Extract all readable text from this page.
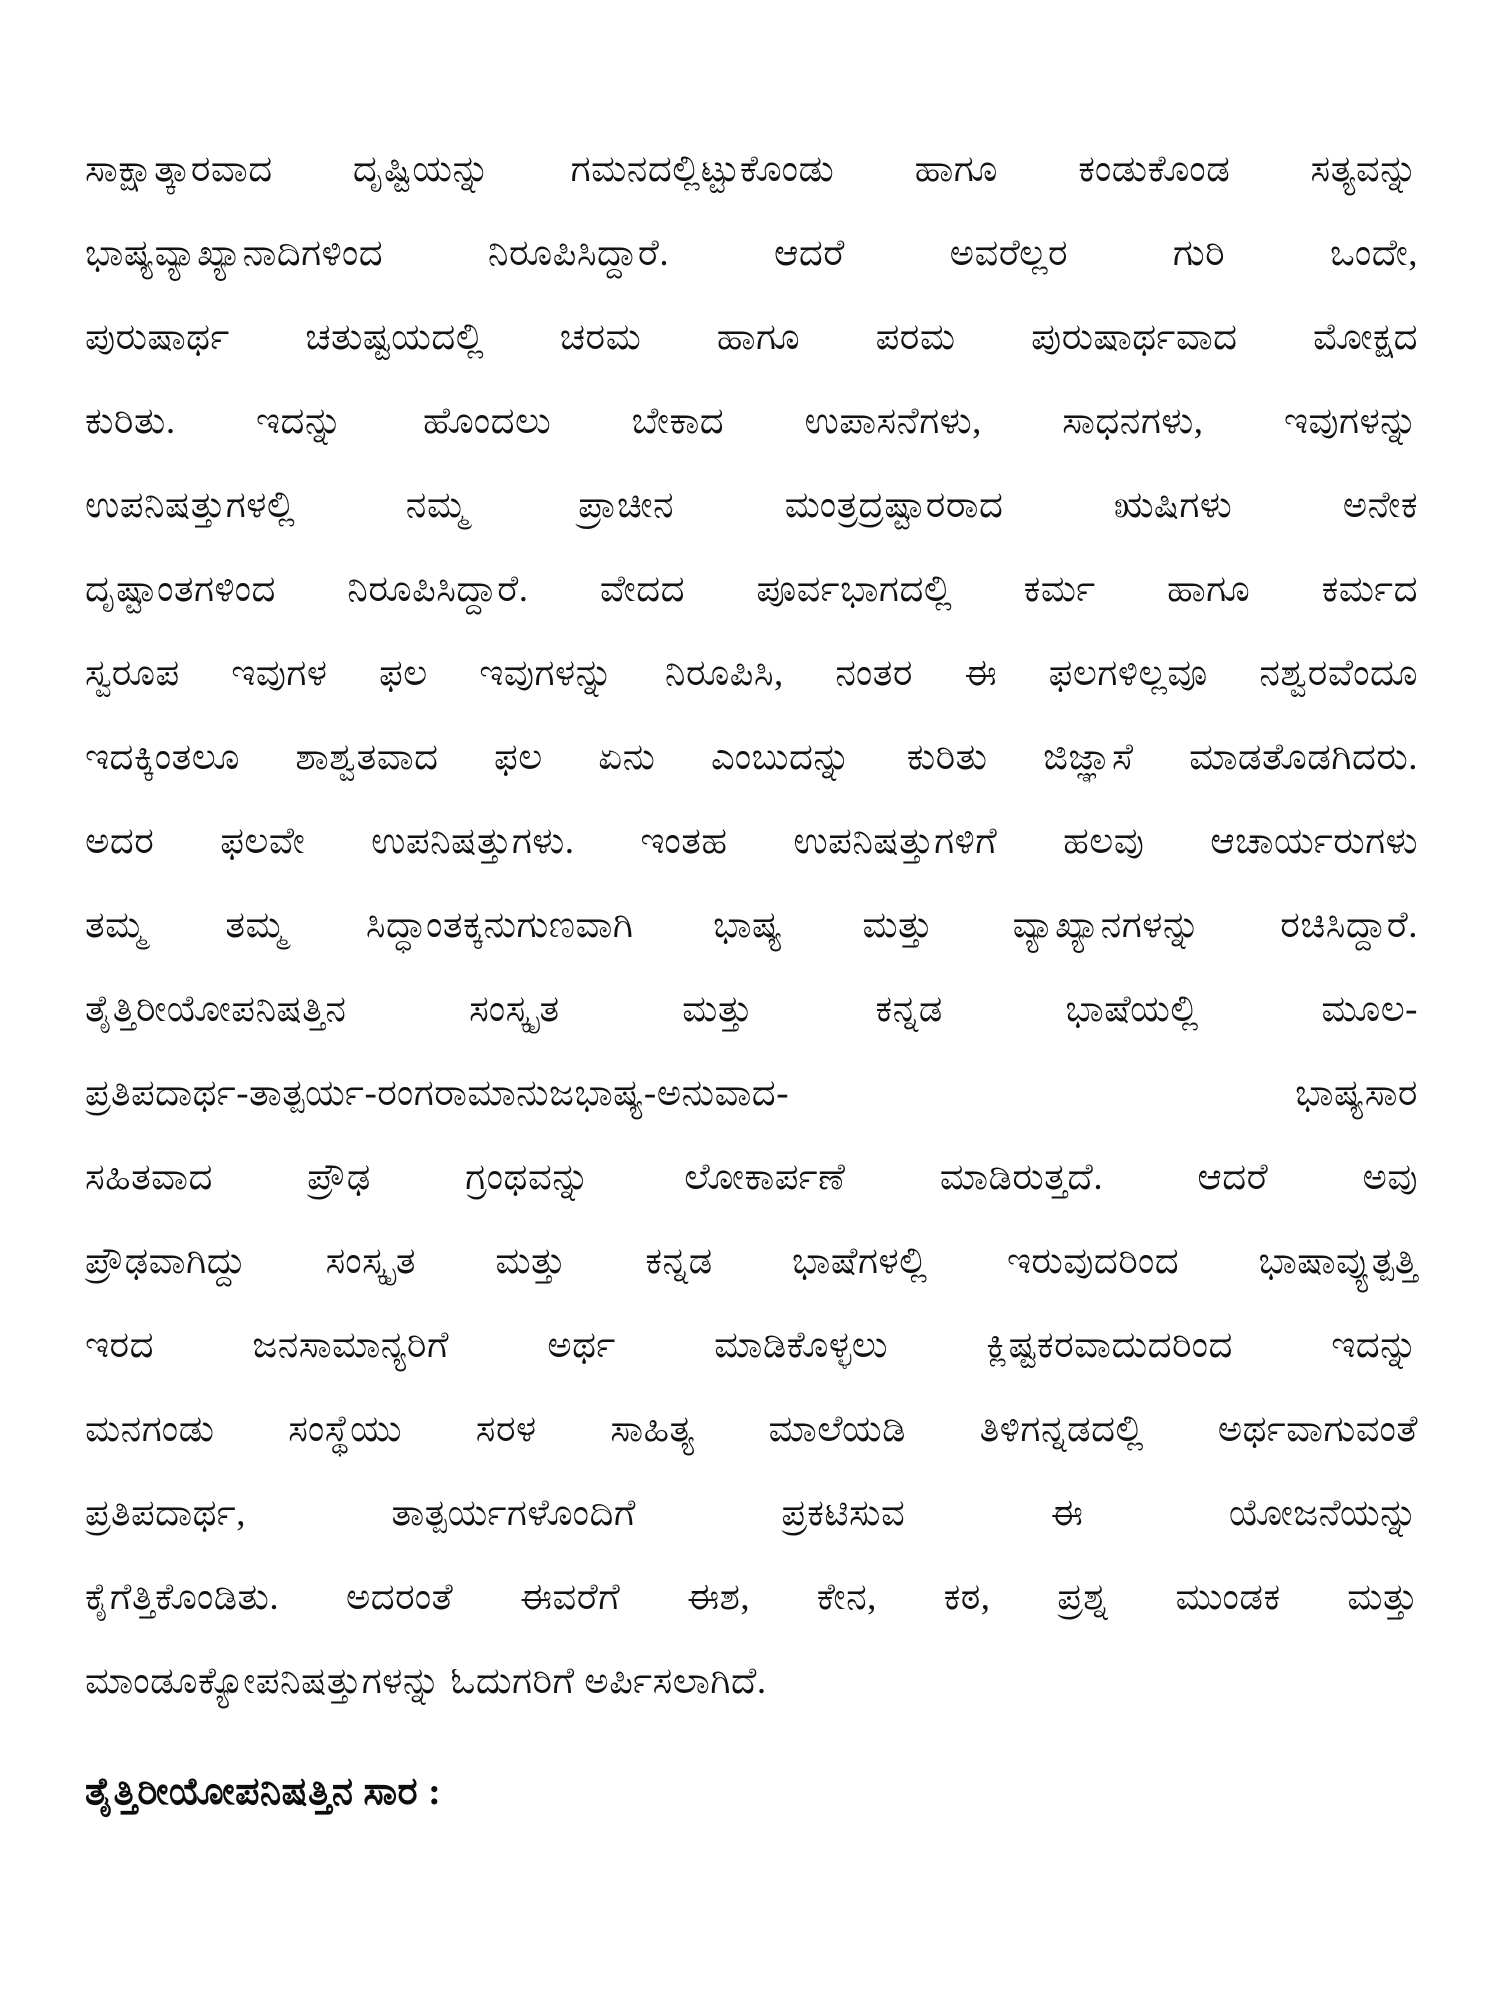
ಸಾಕ್ಷಾತ್ಕಾರವಾದ ದೃಷ್ಟಿಯನ್ನು ಗಮನದಲ್ಲಿಟ್ಟುಕೊಂಡು ಹಾಗೂ ಕಂಡುಕೊಂಡ ಸತ್ಯವನ್ನು
ಭಾಷ್ಯವ್ಯಾಖ್ಯಾನಾದಿಗಳಿಂದ ನಿರೂಪಿಸಿದ್ದಾರೆ. ಆದರೆ ಅವರೆಲ್ಲರ ಗುರಿ ಒಂದೇ,
ಪುರುಷಾರ್ಥ ಚತುಷ್ಟಯದಲ್ಲಿ ಚರಮ ಹಾಗೂ ಪರಮ ಪುರುಷಾರ್ಥವಾದ ಮೋಕ್ಷದ
ಕುರಿತು. ಇದನ್ನು ಹೊಂದಲು ಬೇಕಾದ ಉಪಾಸನೆಗಳು, ಸಾಧನಗಳು, ಇವುಗಳನ್ನು
ಉಪನಿಷತ್ತುಗಳಲ್ಲಿ ನಮ್ಮ ಪ್ರಾಚೀನ ಮಂತ್ರದ್ರಷ್ಟಾರರಾದ ಋಷಿಗಳು ಅನೇಕ
ದೃಷ್ಟಾಂತಗಳಿಂದ ನಿರೂಪಿಸಿದ್ದಾರೆ. ವೇದದ ಪೂರ್ವಭಾಗದಲ್ಲಿ ಕರ್ಮ ಹಾಗೂ ಕರ್ಮದ
ಸ್ವರೂಪ ಇವುಗಳ ಫಲ ಇವುಗಳನ್ನು ನಿರೂಪಿಸಿ, ನಂತರ ಈ ಫಲಗಳಿಲ್ಲವೂ ನಶ್ವರವೆಂದೂ
ಇದಕ್ಕಿಂತಲೂ ಶಾಶ್ವತವಾದ ಫಲ ಏನು ಎಂಬುದನ್ನು ಕುರಿತು ಜಿಜ್ಞಾಸೆ ಮಾಡತೊಡಗಿದರು.
ಅದರ ಫಲವೇ ಉಪನಿಷತ್ತುಗಳು. ಇಂತಹ ಉಪನಿಷತ್ತುಗಳಿಗೆ ಹಲವು ಆಚಾರ್ಯರುಗಳು
ತಮ್ಮ ತಮ್ಮ ಸಿದ್ಧಾಂತಕ್ಕನುಗುಣವಾಗಿ ಭಾಷ್ಯ ಮತ್ತು ವ್ಯಾಖ್ಯಾನಗಳನ್ನು ರಚಿಸಿದ್ದಾರೆ.
ತೈತ್ತಿರೀಯೋಪನಿಷತ್ತಿನ ಸಂಸ್ಕೃತ ಮತ್ತು ಕನ್ನಡ ಭಾಷೆಯಲ್ಲಿ ಮೂಲ-
ಪ್ರತಿಪದಾರ್ಥ-ತಾತ್ಪರ್ಯ-ರಂಗರಾಮಾನುಜಭಾಷ್ಯ-ಅನುವಾದ- ಭಾಷ್ಯಸಾರ
ಸಹಿತವಾದ ಪ್ರೌಢ ಗ್ರಂಥವನ್ನು ಲೋಕಾರ್ಪಣೆ ಮಾಡಿರುತ್ತದೆ. ಆದರೆ ಅವು
ಪ್ರೌಢವಾಗಿದ್ದು ಸಂಸ್ಕೃತ ಮತ್ತು ಕನ್ನಡ ಭಾಷೆಗಳಲ್ಲಿ ಇರುವುದರಿಂದ ಭಾಷಾವ್ಯುತ್ಪತ್ತಿ
ಇರದ ಜನಸಾಮಾನ್ಯರಿಗೆ ಅರ್ಥ ಮಾಡಿಕೊಳ್ಳಲು ಕ್ಲಿಷ್ಟಕರವಾದುದರಿಂದ ಇದನ್ನು
ಮನಗಂಡು ಸಂಸ್ಥೆಯು ಸರಳ ಸಾಹಿತ್ಯ ಮಾಲೆಯಡಿ ತಿಳಿಗನ್ನಡದಲ್ಲಿ ಅರ್ಥವಾಗುವಂತೆ
ಪ್ರತಿಪದಾರ್ಥ, ತಾತ್ಪರ್ಯಗಳೊಂದಿಗೆ ಪ್ರಕಟಿಸುವ ಈ ಯೋಜನೆಯನ್ನು
ಕೈಗೆತ್ತಿಕೊಂಡಿತು. ಅದರಂತೆ ಈವರೆಗೆ ಈಶ, ಕೇನ, ಕಠ, ಪ್ರಶ್ನ ಮುಂಡಕ ಮತ್ತು
ಮಾಂಡೂಕ್ಯೋಪನಿಷತ್ತುಗಳನ್ನು ಓದುಗರಿಗೆ ಅರ್ಪಿಸಲಾಗಿದೆ.
ತೈತ್ತಿರೀಯೋಪನಿಷತ್ತಿನ ಸಾರ :
